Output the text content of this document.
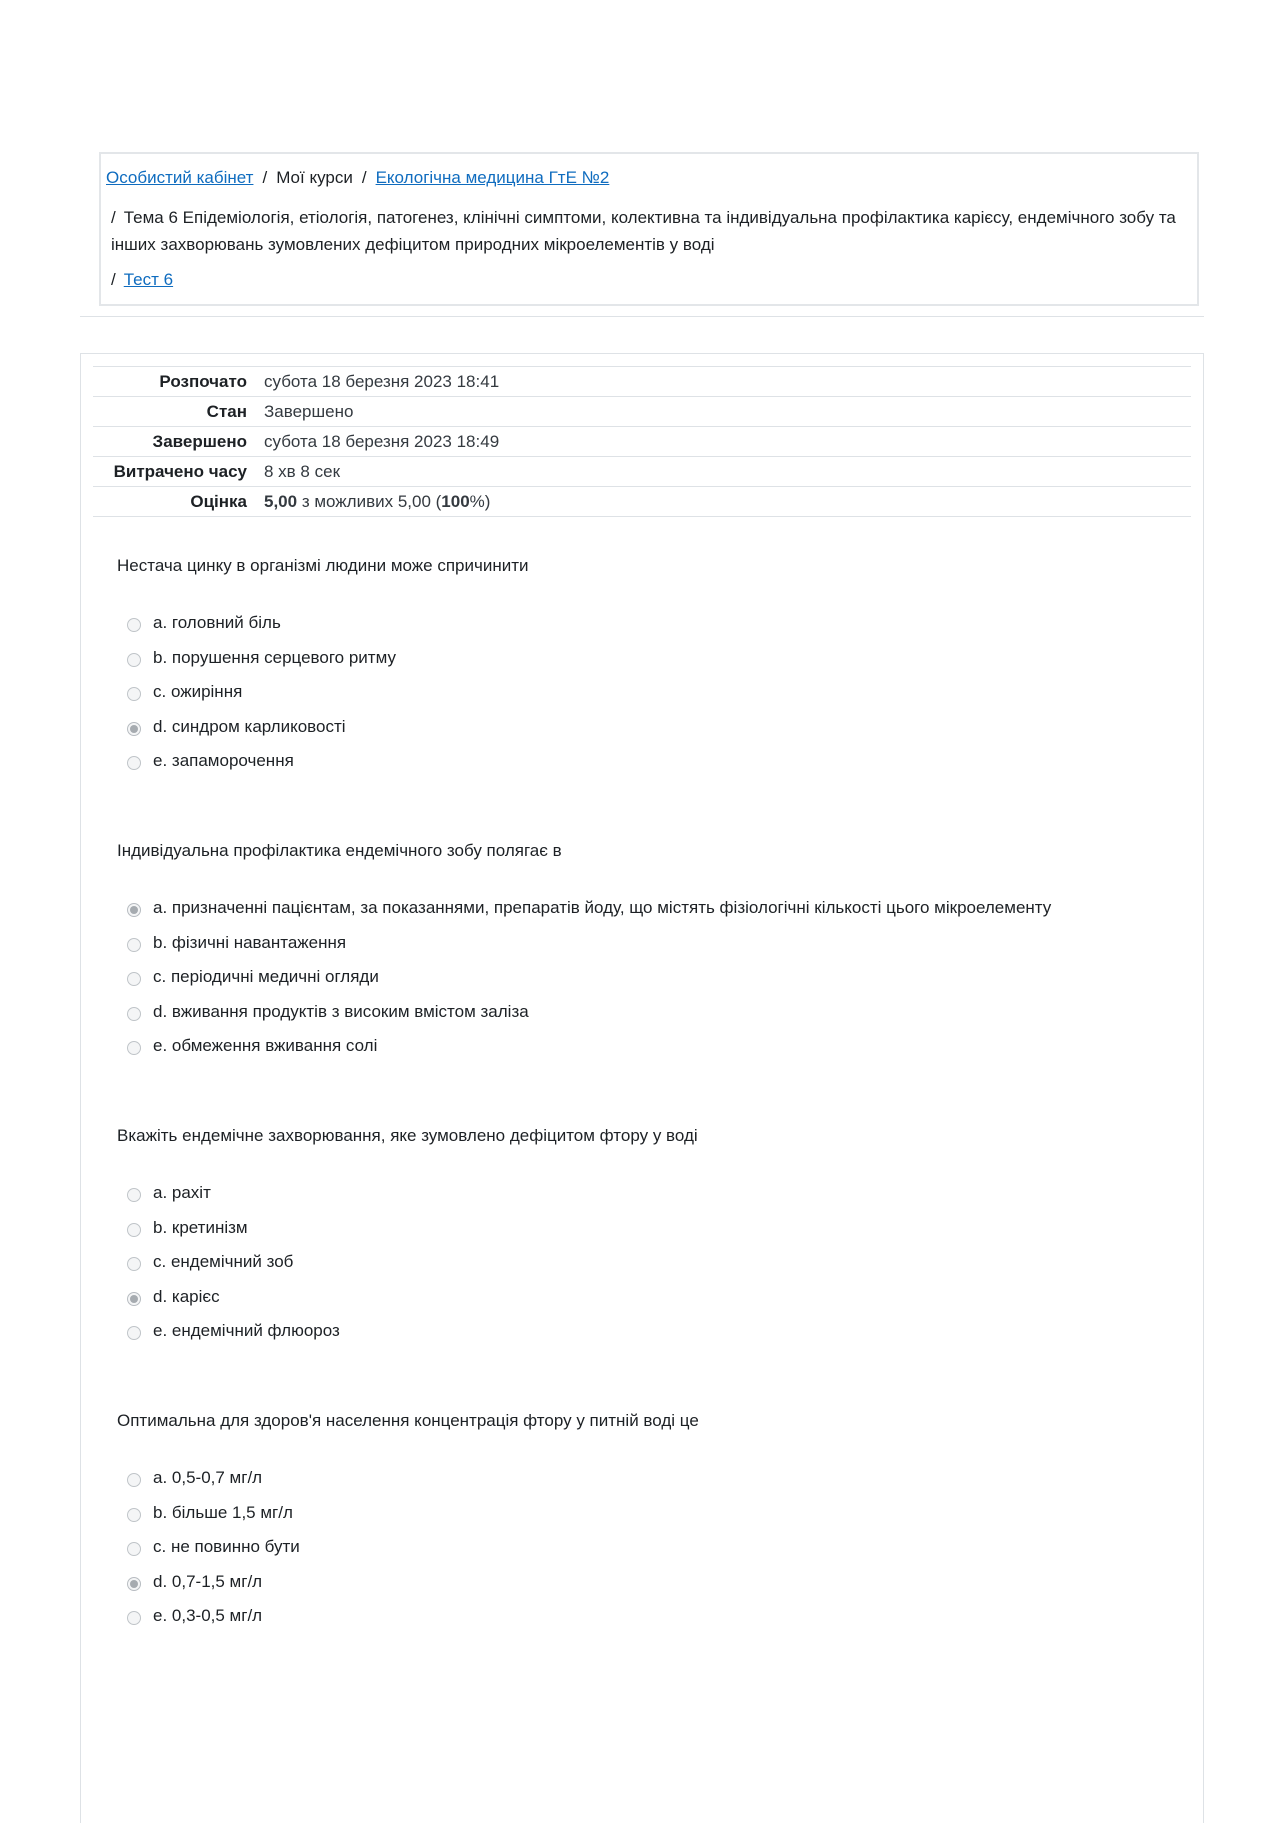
Особистий кабінет / Мої курси / Екологічна медицина ГтЕ №2
/ Тема 6 Епідеміологія, етіологія, патогенез, клінічні симптоми, колективна та індивідуальна профілактика карієсу, ендемічного зобу та інших захворювань зумовлених дефіцитом природних мікроелементів у воді
/ Тест 6
Розпочато	субота 18 березня 2023 18:41
Стан	Завершено
Завершено	субота 18 березня 2023 18:49
Витрачено часу	8 хв 8 сек
Оцінка	5,00 з можливих 5,00 (100%)

Нестача цинку в організмі людини може спричинити

a. головний біль
b. порушення серцевого ритму
c. ожиріння
d. синдром карликовості
e. запаморочення

Індивідуальна профілактика ендемічного зобу полягає в

a. призначенні пацієнтам, за показаннями, препаратів йоду, що містять фізіологічні кількості цього мікроелементу
b. фізичні навантаження
c. періодичні медичні огляди
d. вживання продуктів з високим вмістом заліза
e. обмеження вживання солі

Вкажіть ендемічне захворювання, яке зумовлено дефіцитом фтору у воді

a. рахіт
b. кретинізм
c. ендемічний зоб
d. карієс
e. ендемічний флюороз

Оптимальна для здоров'я населення концентрація фтору у питній воді це

a. 0,5-0,7 мг/л
b. більше 1,5 мг/л
c. не повинно бути
d. 0,7-1,5 мг/л
e. 0,3-0,5 мг/л
